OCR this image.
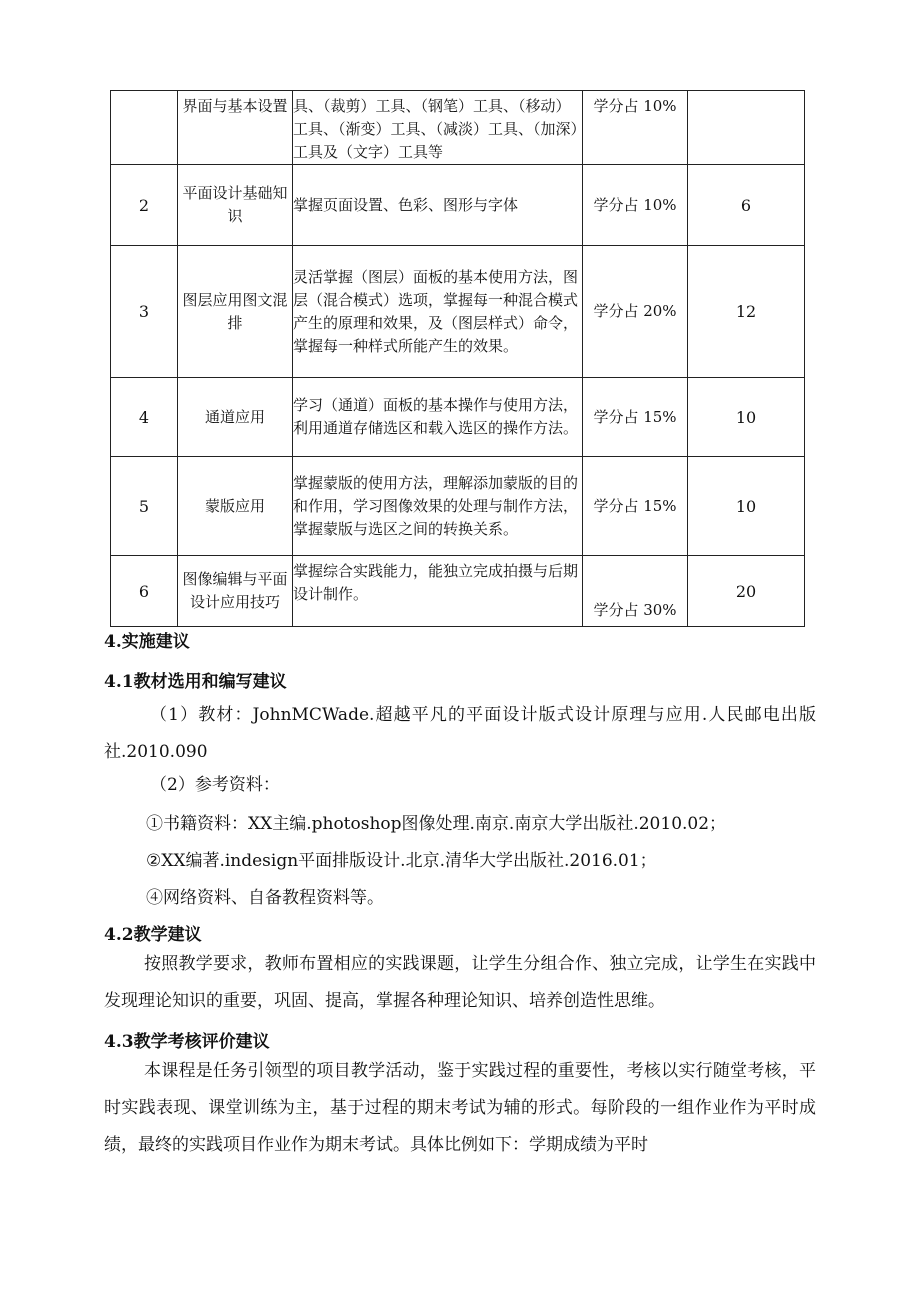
	界面与基本设置	具、（裁剪）工具、（钢笔）工具、（移动）工具、（渐变）工具、（减淡）工具、（加深）工具及（文字）工具等	学分占 10%	
2	平面设计基础知识	掌握页面设置、色彩、图形与字体	学分占 10%	6
3	图层应用图文混排	灵活掌握（图层）面板的基本使用方法，图层（混合模式）选项，掌握每一种混合模式产生的原理和效果，及（图层样式）命令，掌握每一种样式所能产生的效果。	学分占 20%	12
4	通道应用	学习（通道）面板的基本操作与使用方法，利用通道存储选区和载入选区的操作方法。	学分占 15%	10
5	蒙版应用	掌握蒙版的使用方法，理解添加蒙版的目的和作用，学习图像效果的处理与制作方法，掌握蒙版与选区之间的转换关系。	学分占 15%	10
6	图像编辑与平面设计应用技巧	掌握综合实践能力，能独立完成拍摄与后期设计制作。	学分占 30%	20
4.实施建议
4.1教材选用和编写建议
（1）教材：JohnMCWade.超越平凡的平面设计版式设计原理与应用.人民邮电出版社.2010.090
（2）参考资料：
①书籍资料：XX主编.photoshop图像处理.南京.南京大学出版社.2010.02；
②XX编著.indesign平面排版设计.北京.清华大学出版社.2016.01；
④网络资料、自备教程资料等。
4.2教学建议
按照教学要求，教师布置相应的实践课题，让学生分组合作、独立完成，让学生在实践中发现理论知识的重要，巩固、提高，掌握各种理论知识、培养创造性思维。
4.3教学考核评价建议
本课程是任务引领型的项目教学活动，鉴于实践过程的重要性，考核以实行随堂考核，平时实践表现、课堂训练为主，基于过程的期末考试为辅的形式。每阶段的一组作业作为平时成绩，最终的实践项目作业作为期末考试。具体比例如下：学期成绩为平时
